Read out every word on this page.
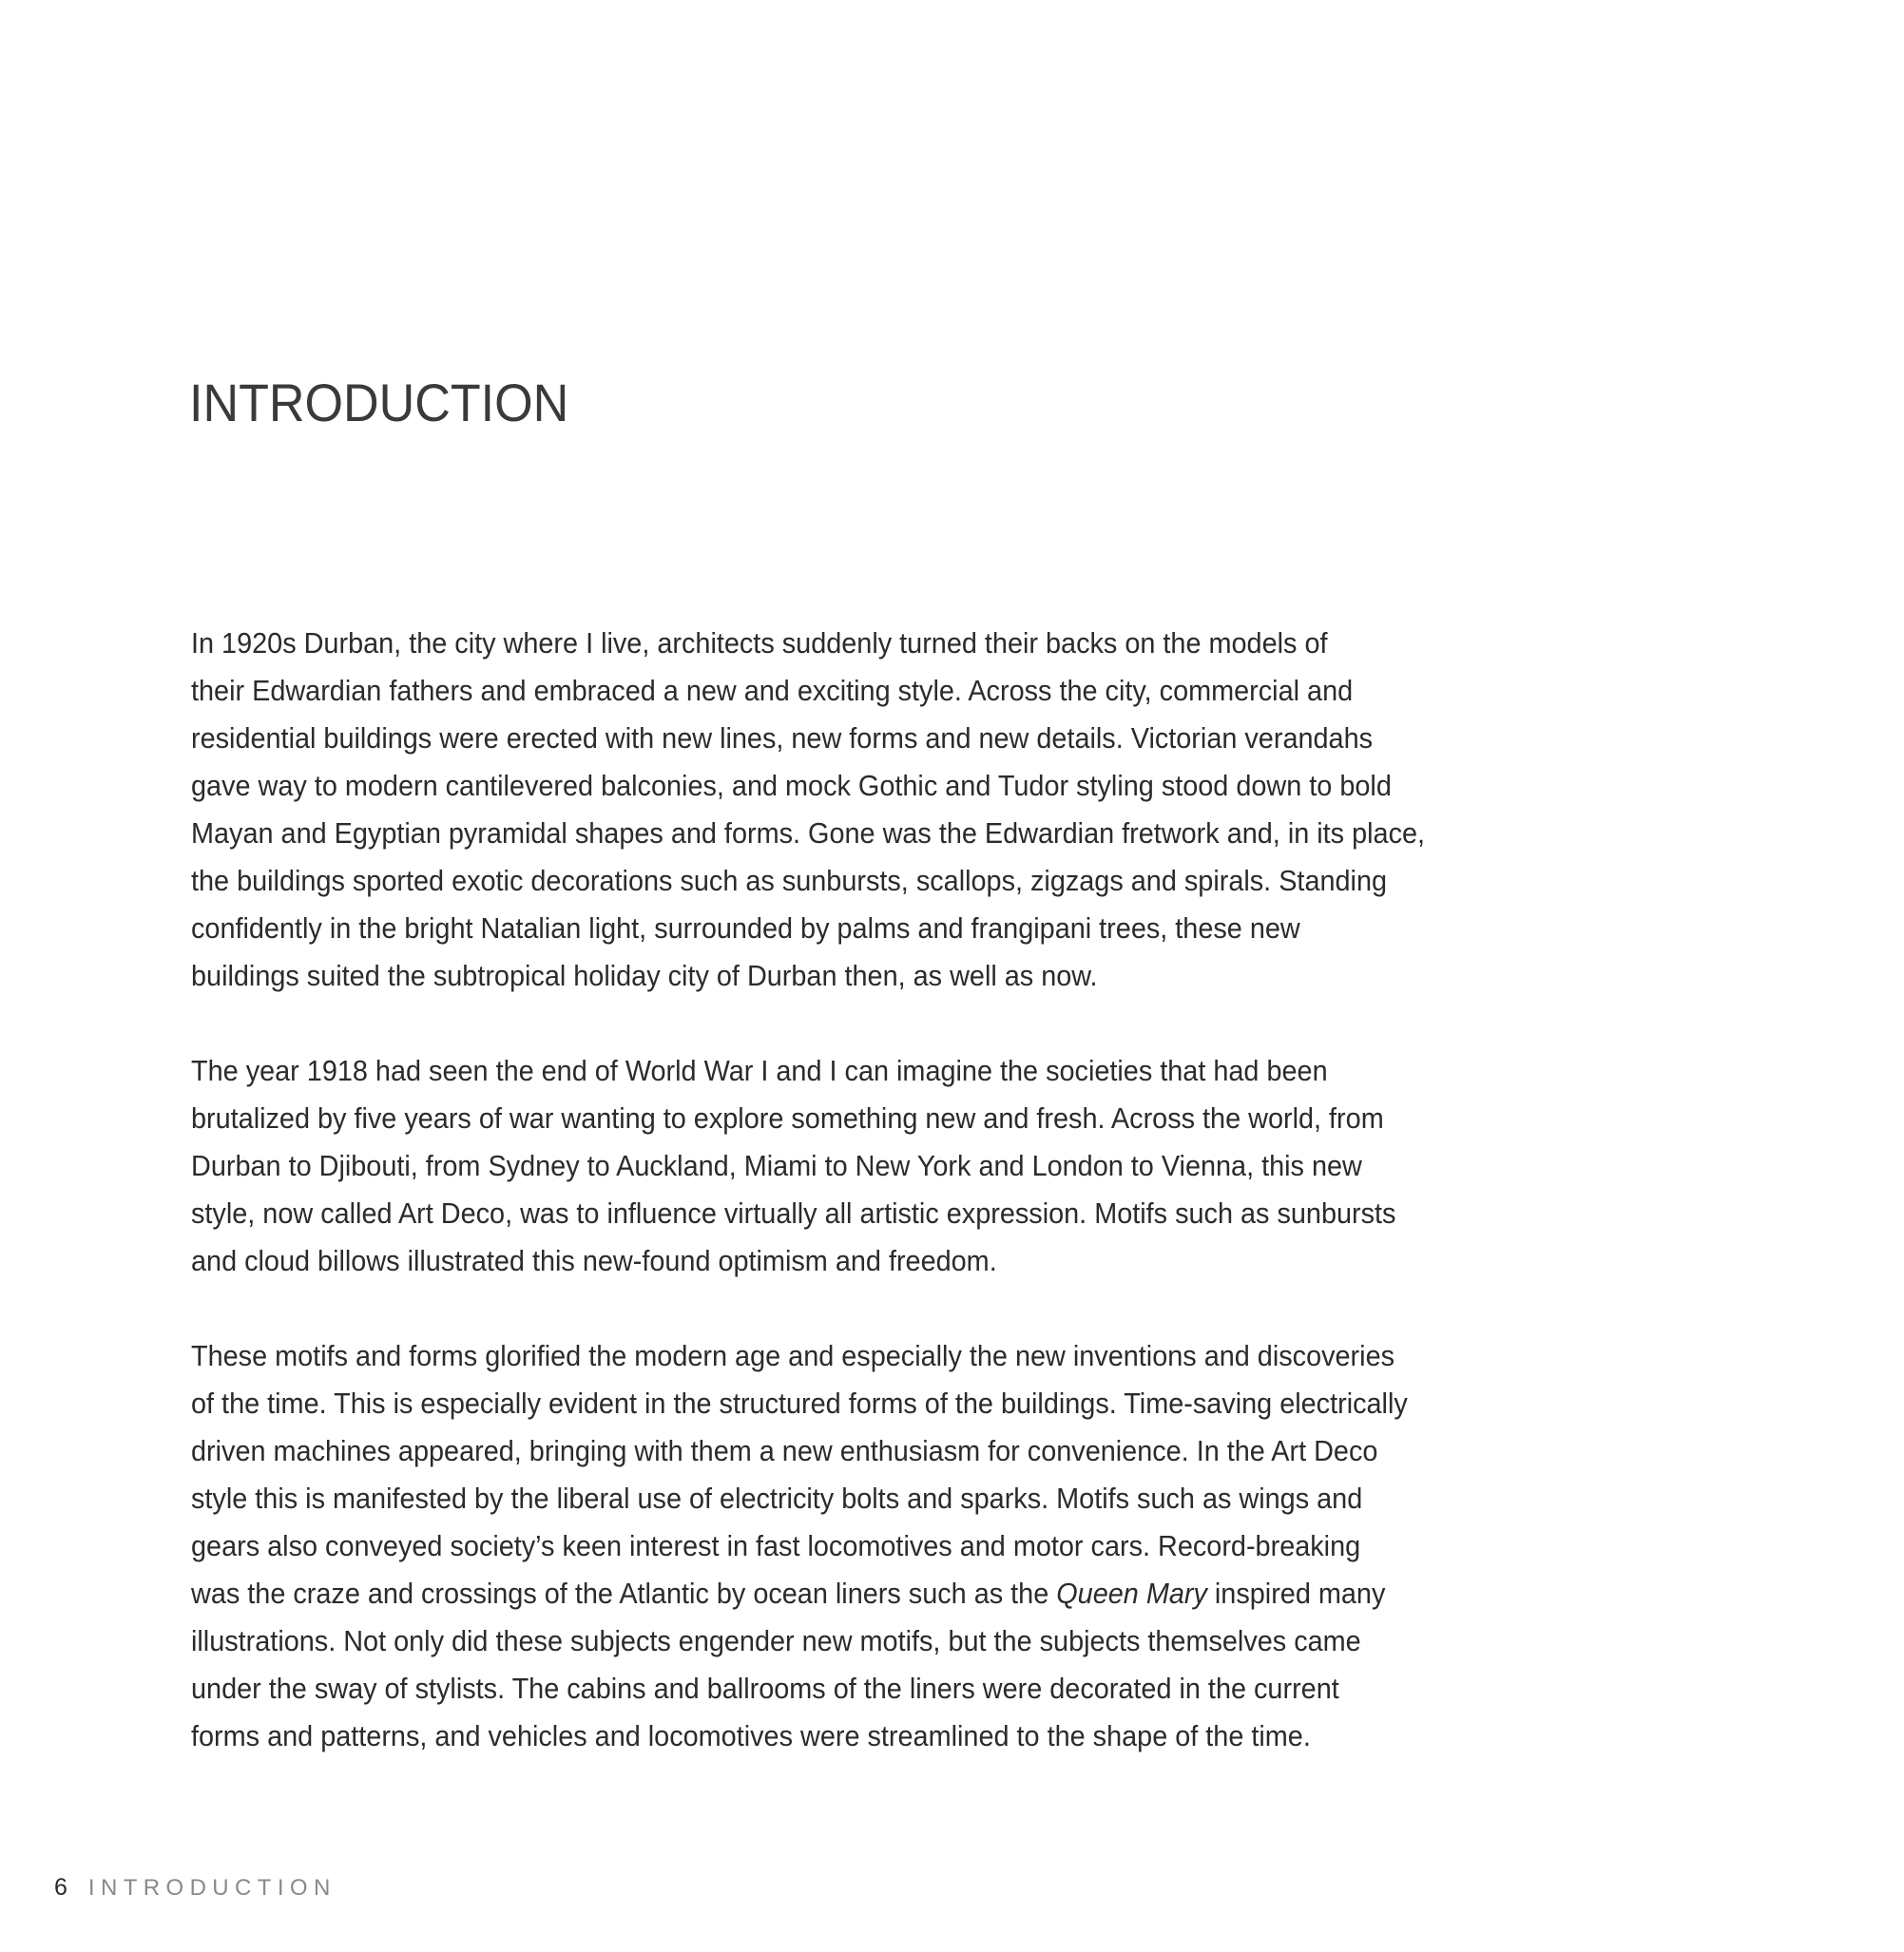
INTRODUCTION
In 1920s Durban, the city where I live, architects suddenly turned their backs on the models of
their Edwardian fathers and embraced a new and exciting style. Across the city, commercial and
residential buildings were erected with new lines, new forms and new details. Victorian verandahs
gave way to modern cantilevered balconies, and mock Gothic and Tudor styling stood down to bold
Mayan and Egyptian pyramidal shapes and forms. Gone was the Edwardian fretwork and, in its place,
the buildings sported exotic decorations such as sunbursts, scallops, zigzags and spirals. Standing
confidently in the bright Natalian light, surrounded by palms and frangipani trees, these new
buildings suited the subtropical holiday city of Durban then, as well as now.
The year 1918 had seen the end of World War I and I can imagine the societies that had been
brutalized by five years of war wanting to explore something new and fresh. Across the world, from
Durban to Djibouti, from Sydney to Auckland, Miami to New York and London to Vienna, this new
style, now called Art Deco, was to influence virtually all artistic expression. Motifs such as sunbursts
and cloud billows illustrated this new-found optimism and freedom.
These motifs and forms glorified the modern age and especially the new inventions and discoveries
of the time. This is especially evident in the structured forms of the buildings. Time-saving electrically
driven machines appeared, bringing with them a new enthusiasm for convenience. In the Art Deco
style this is manifested by the liberal use of electricity bolts and sparks. Motifs such as wings and
gears also conveyed society’s keen interest in fast locomotives and motor cars. Record-breaking
was the craze and crossings of the Atlantic by ocean liners such as the Queen Mary inspired many
illustrations. Not only did these subjects engender new motifs, but the subjects themselves came
under the sway of stylists. The cabins and ballrooms of the liners were decorated in the current
forms and patterns, and vehicles and locomotives were streamlined to the shape of the time.
6 INTRODUCTION
